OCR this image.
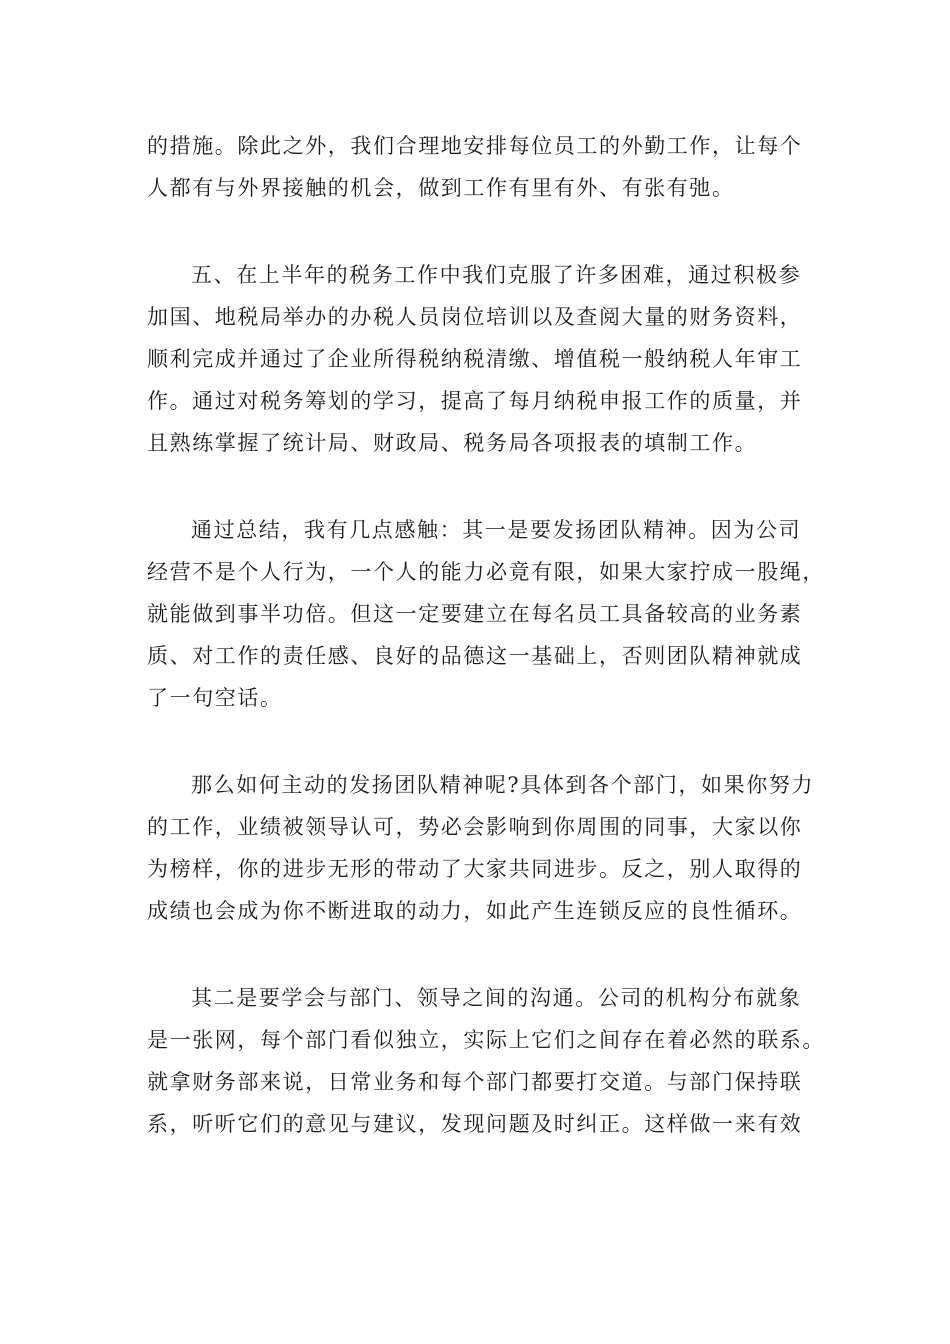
的措施。除此之外，我们合理地安排每位员工的外勤工作，让每个
人都有与外界接触的机会，做到工作有里有外、有张有弛。
五、在上半年的税务工作中我们克服了许多困难，通过积极参
加国、地税局举办的办税人员岗位培训以及查阅大量的财务资料，
顺利完成并通过了企业所得税纳税清缴、增值税一般纳税人年审工
作。通过对税务筹划的学习，提高了每月纳税申报工作的质量，并
且熟练掌握了统计局、财政局、税务局各项报表的填制工作。
通过总结，我有几点感触：其一是要发扬团队精神。因为公司
经营不是个人行为，一个人的能力必竟有限，如果大家拧成一股绳，
就能做到事半功倍。但这一定要建立在每名员工具备较高的业务素
质、对工作的责任感、良好的品德这一基础上，否则团队精神就成
了一句空话。
那么如何主动的发扬团队精神呢?具体到各个部门，如果你努力
的工作，业绩被领导认可，势必会影响到你周围的同事，大家以你
为榜样，你的进步无形的带动了大家共同进步。反之，别人取得的
成绩也会成为你不断进取的动力，如此产生连锁反应的良性循环。
其二是要学会与部门、领导之间的沟通。公司的机构分布就象
是一张网，每个部门看似独立，实际上它们之间存在着必然的联系。
就拿财务部来说，日常业务和每个部门都要打交道。与部门保持联
系，听听它们的意见与建议，发现问题及时纠正。这样做一来有效
